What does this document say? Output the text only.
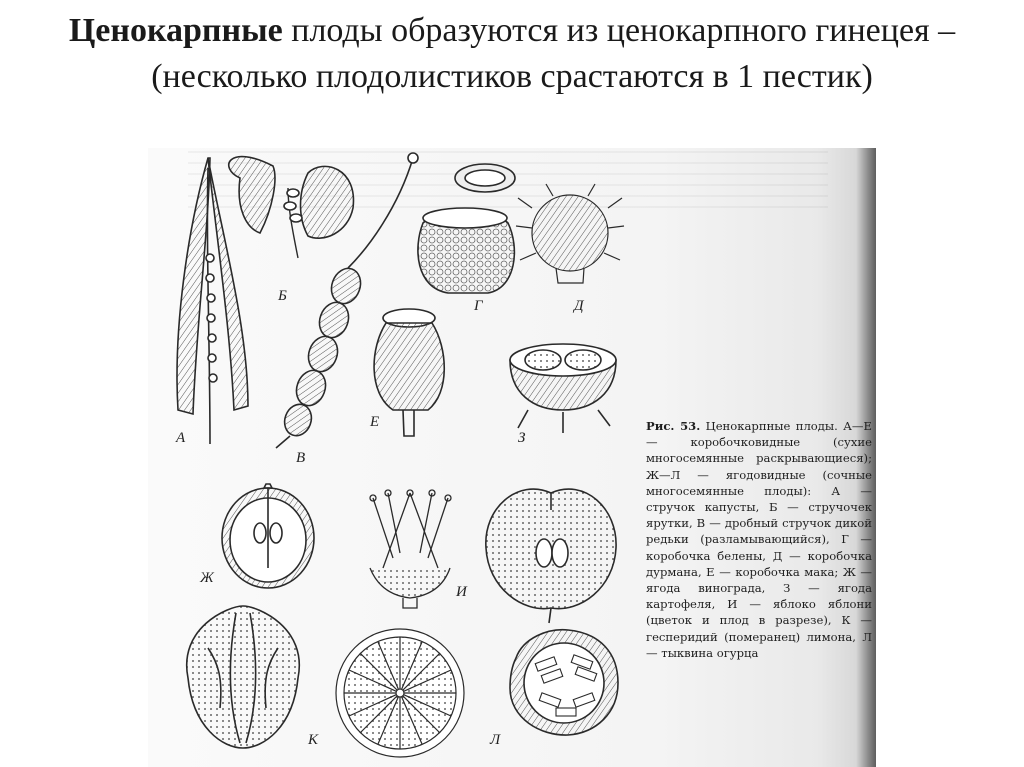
Ценокарпные плоды образуются из ценокарпного гинецея – (несколько плодолистиков срастаются в 1 пестик)
А
Б
В
Г	Д
Е
З
Ж
И
К	Л
Рис. 53. Ценокарпные плоды. А—Е — коробочковидные (сухие многосемянные раскрывающиеся); Ж—Л — ягодовидные (сочные многосемянные плоды): А — стручок капусты, Б — стручочек ярутки, В — дробный стручок дикой редьки (разламывающийся), Г — коробочка белены, Д — коробочка дурмана, Е — коробочка мака; Ж — ягода винограда, З — ягода картофеля, И — яблоко яблони (цветок и плод в разрезе), К — гесперидий (померанец) лимона, Л — тыквина огурца
